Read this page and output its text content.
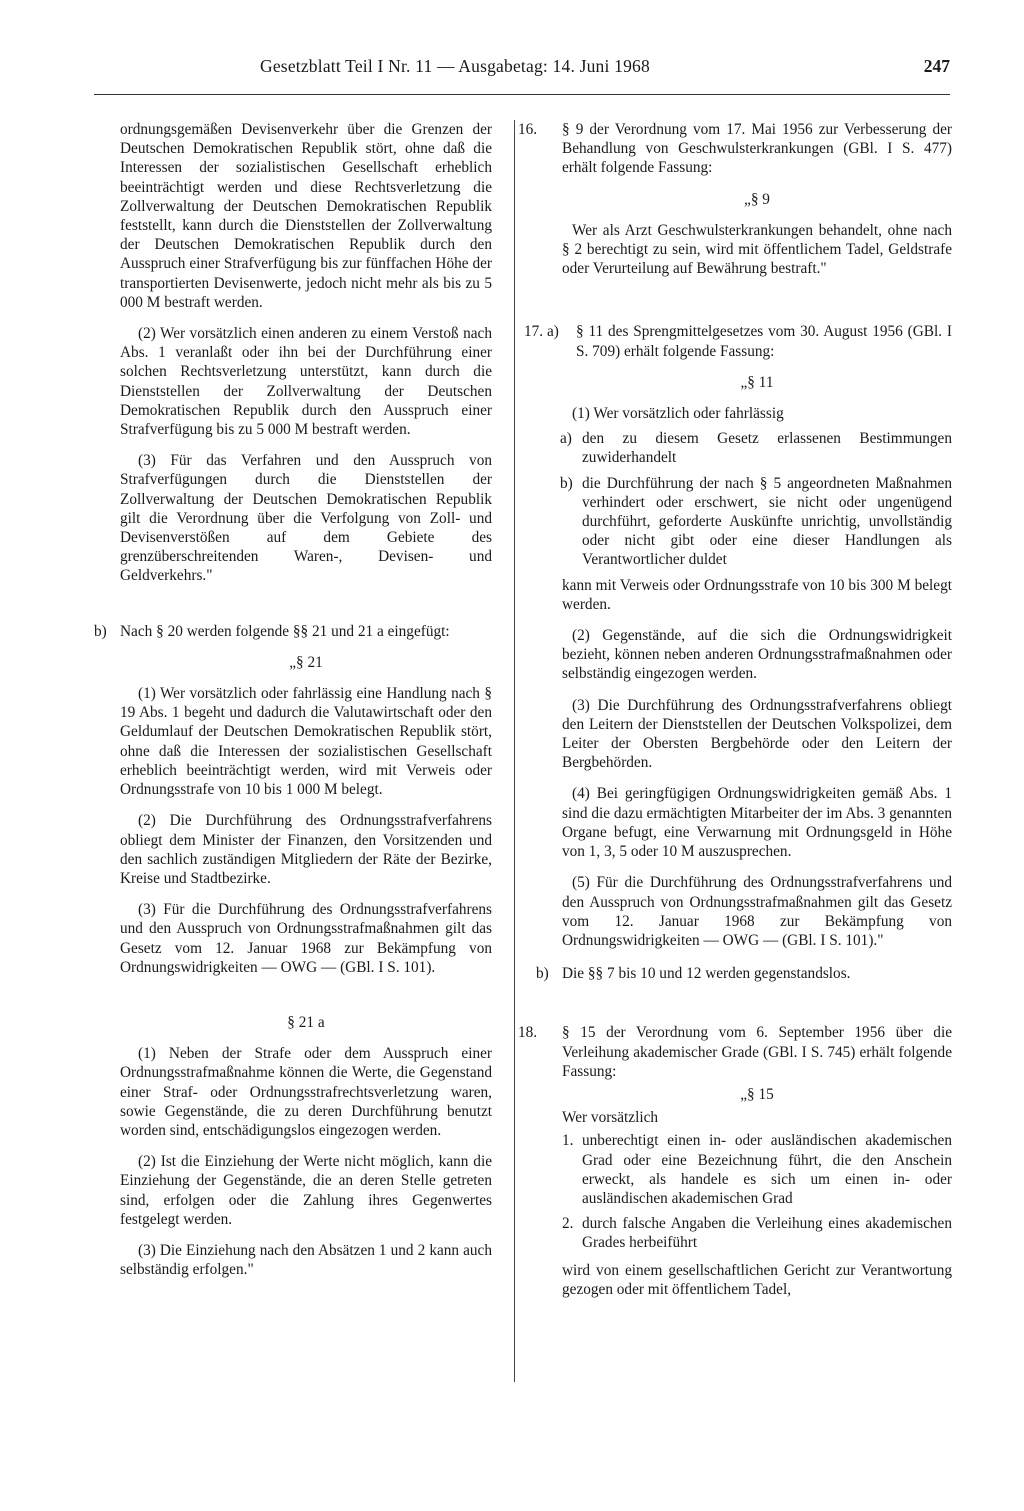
Gesetzblatt Teil I Nr. 11 — Ausgabetag: 14. Juni 1968	247

ordnungsgemäßen Devisenverkehr über die Grenzen der Deutschen Demokratischen Republik stört, ohne daß die Interessen der sozialistischen Gesellschaft erheblich beeinträchtigt werden und diese Rechtsverletzung die Zollverwaltung der Deutschen Demokratischen Republik feststellt, kann durch die Dienststellen der Zollverwaltung der Deutschen Demokratischen Republik durch den Ausspruch einer Strafverfügung bis zur fünffachen Höhe der transportierten Devisenwerte, jedoch nicht mehr als bis zu 5 000 M bestraft werden.

(2) Wer vorsätzlich einen anderen zu einem Verstoß nach Abs. 1 veranlaßt oder ihn bei der Durchführung einer solchen Rechtsverletzung unterstützt, kann durch die Dienststellen der Zollverwaltung der Deutschen Demokratischen Republik durch den Ausspruch einer Strafverfügung bis zu 5 000 M bestraft werden.

(3) Für das Verfahren und den Ausspruch von Strafverfügungen durch die Dienststellen der Zollverwaltung der Deutschen Demokratischen Republik gilt die Verordnung über die Verfolgung von Zoll- und Devisenverstößen auf dem Gebiete des grenzüberschreitenden Waren-, Devisen- und Geldverkehrs."

b) Nach § 20 werden folgende §§ 21 und 21 a eingefügt:

„§ 21

(1) Wer vorsätzlich oder fahrlässig eine Handlung nach § 19 Abs. 1 begeht und dadurch die Valutawirtschaft oder den Geldumlauf der Deutschen Demokratischen Republik stört, ohne daß die Interessen der sozialistischen Gesellschaft erheblich beeinträchtigt werden, wird mit Verweis oder Ordnungsstrafe von 10 bis 1 000 M belegt.

(2) Die Durchführung des Ordnungsstrafverfahrens obliegt dem Minister der Finanzen, den Vorsitzenden und den sachlich zuständigen Mitgliedern der Räte der Bezirke, Kreise und Stadtbezirke.

(3) Für die Durchführung des Ordnungsstrafverfahrens und den Ausspruch von Ordnungsstrafmaßnahmen gilt das Gesetz vom 12. Januar 1968 zur Bekämpfung von Ordnungswidrigkeiten — OWG — (GBl. I S. 101).

§ 21 a

(1) Neben der Strafe oder dem Ausspruch einer Ordnungsstrafmaßnahme können die Werte, die Gegenstand einer Straf- oder Ordnungsstrafrechtsverletzung waren, sowie Gegenstände, die zu deren Durchführung benutzt worden sind, entschädigungslos eingezogen werden.

(2) Ist die Einziehung der Werte nicht möglich, kann die Einziehung der Gegenstände, die an deren Stelle getreten sind, erfolgen oder die Zahlung ihres Gegenwertes festgelegt werden.

(3) Die Einziehung nach den Absätzen 1 und 2 kann auch selbständig erfolgen."

16. § 9 der Verordnung vom 17. Mai 1956 zur Verbesserung der Behandlung von Geschwulsterkrankungen (GBl. I S. 477) erhält folgende Fassung:

„§ 9

Wer als Arzt Geschwulsterkrankungen behandelt, ohne nach § 2 berechtigt zu sein, wird mit öffentlichem Tadel, Geldstrafe oder Verurteilung auf Bewährung bestraft."

17. a)	§ 11 des Sprengmittelgesetzes vom 30. August 1956 (GBl. I S. 709) erhält folgende Fassung:

„§ 11

(1) Wer vorsätzlich oder fahrlässig

a) den zu diesem Gesetz erlassenen Bestimmungen zuwiderhandelt

b) die Durchführung der nach § 5 angeordneten Maßnahmen verhindert oder erschwert, sie nicht oder ungenügend durchführt, geforderte Auskünfte unrichtig, unvollständig oder nicht gibt oder eine dieser Handlungen als Verantwortlicher duldet

kann mit Verweis oder Ordnungsstrafe von 10 bis 300 M belegt werden.

(2) Gegenstände, auf die sich die Ordnungswidrigkeit bezieht, können neben anderen Ordnungsstrafmaßnahmen oder selbständig eingezogen werden.

(3) Die Durchführung des Ordnungsstrafverfahrens obliegt den Leitern der Dienststellen der Deutschen Volkspolizei, dem Leiter der Obersten Bergbehörde oder den Leitern der Bergbehörden.

(4) Bei geringfügigen Ordnungswidrigkeiten gemäß Abs. 1 sind die dazu ermächtigten Mitarbeiter der im Abs. 3 genannten Organe befugt, eine Verwarnung mit Ordnungsgeld in Höhe von 1, 3, 5 oder 10 M auszusprechen.

(5) Für die Durchführung des Ordnungsstrafverfahrens und den Ausspruch von Ordnungsstrafmaßnahmen gilt das Gesetz vom 12. Januar 1968 zur Bekämpfung von Ordnungswidrigkeiten — OWG — (GBl. I S. 101)."

b) Die §§ 7 bis 10 und 12 werden gegenstandslos.

18. § 15 der Verordnung vom 6. September 1956 über die Verleihung akademischer Grade (GBl. I S. 745) erhält folgende Fassung:

„§ 15

Wer vorsätzlich

1. unberechtigt einen in- oder ausländischen akademischen Grad oder eine Bezeichnung führt, die den Anschein erweckt, als handele es sich um einen in- oder ausländischen akademischen Grad

2. durch falsche Angaben die Verleihung eines akademischen Grades herbeiführt

wird von einem gesellschaftlichen Gericht zur Verantwortung gezogen oder mit öffentlichem Tadel,
